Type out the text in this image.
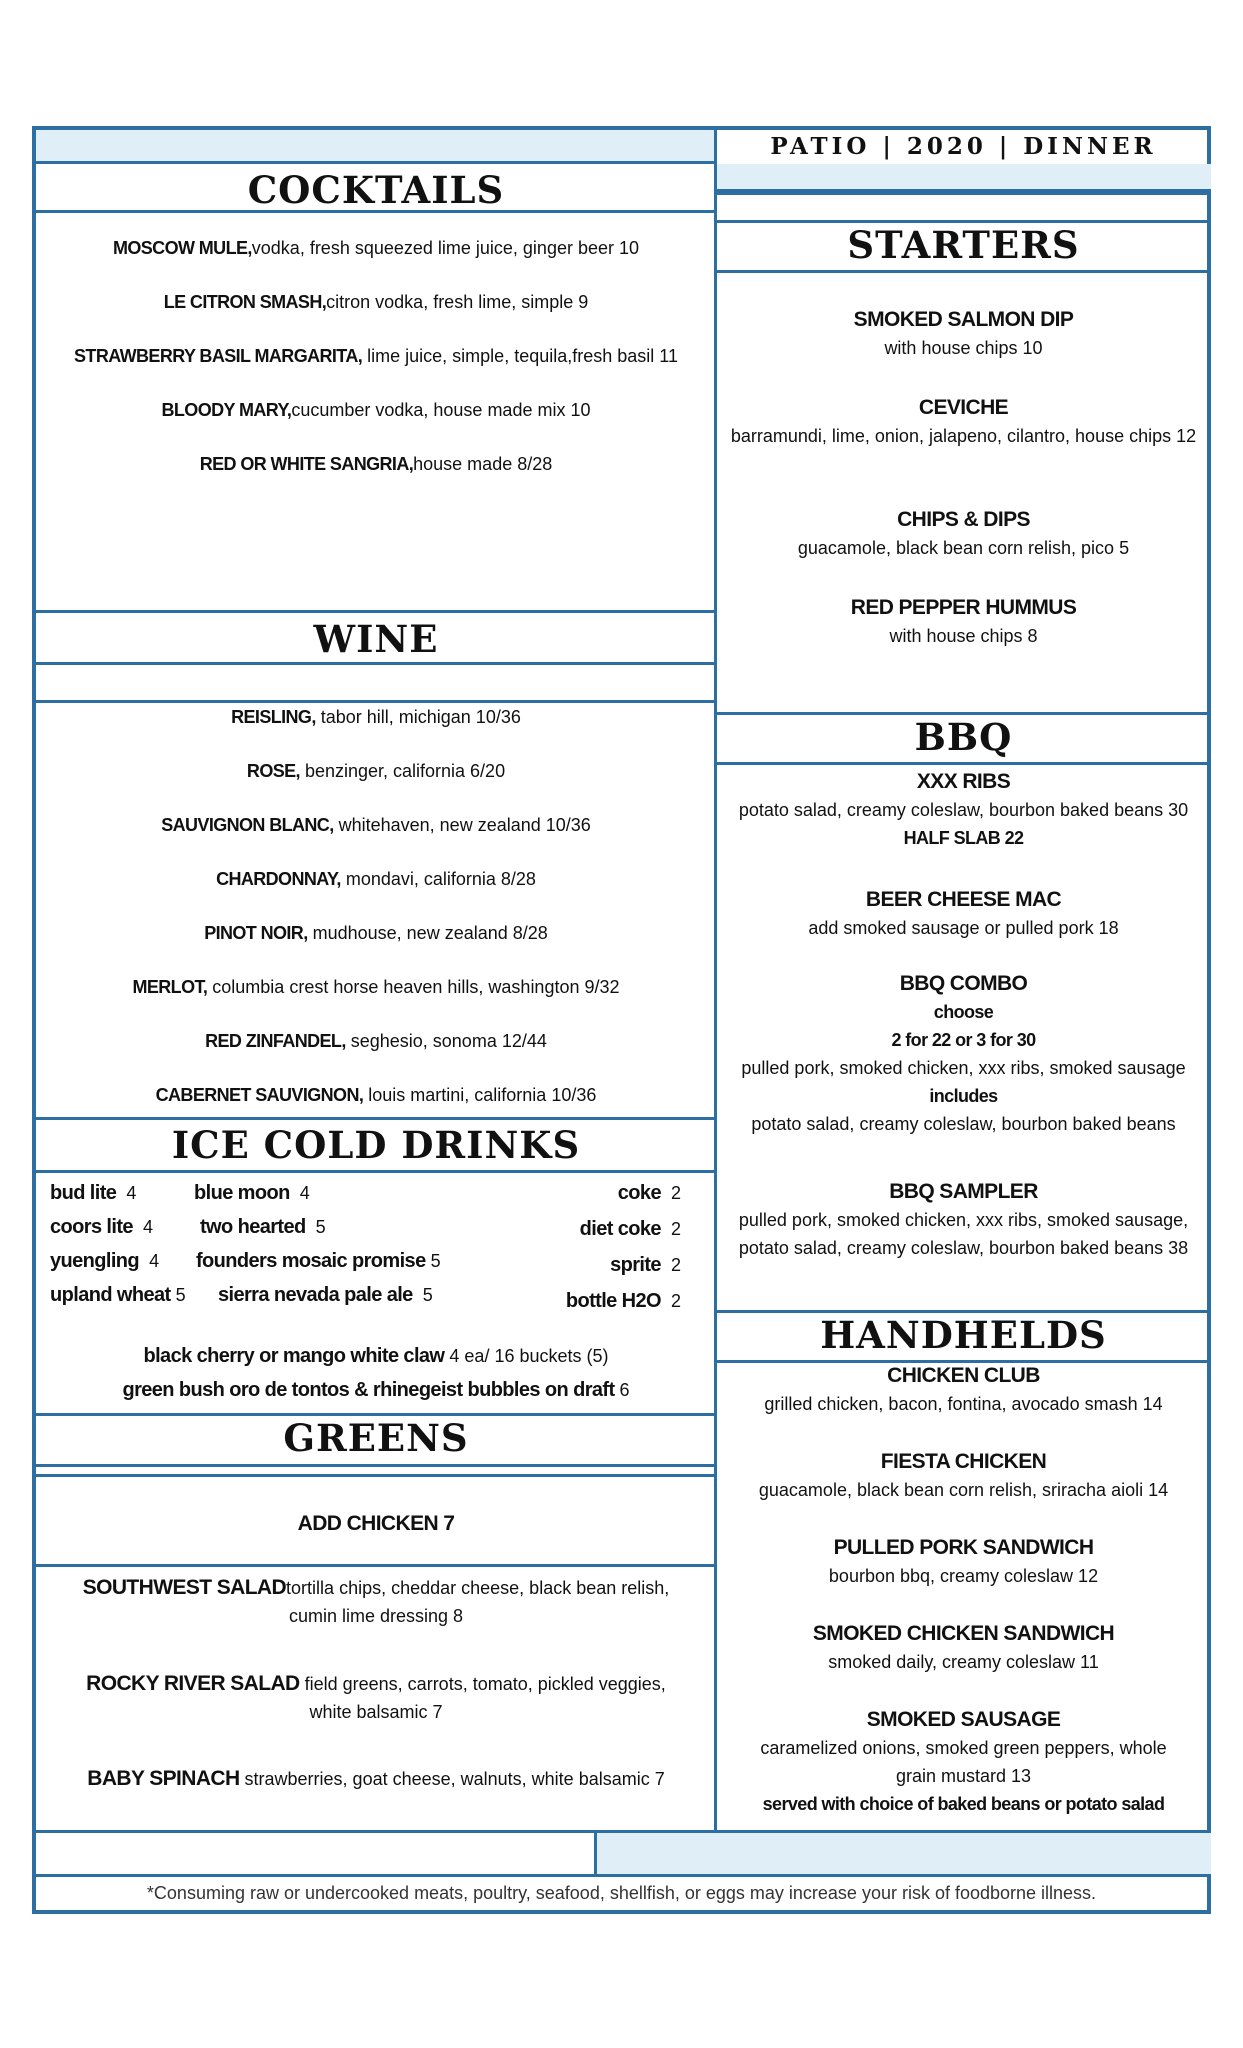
PATIO | 2020 | DINNER
COCKTAILS
MOSCOW MULE,vodka, fresh squeezed lime juice, ginger beer 10
LE CITRON SMASH,citron vodka, fresh lime, simple 9
STRAWBERRY BASIL MARGARITA, lime juice, simple, tequila,fresh basil 11
BLOODY MARY,cucumber vodka, house made mix 10
RED OR WHITE SANGRIA,house made 8/28
WINE
REISLING, tabor hill, michigan 10/36
ROSE, benzinger, california 6/20
SAUVIGNON BLANC, whitehaven, new zealand 10/36
CHARDONNAY, mondavi, california 8/28
PINOT NOIR, mudhouse, new zealand 8/28
MERLOT, columbia crest horse heaven hills, washington 9/32
RED ZINFANDEL, seghesio, sonoma 12/44
CABERNET SAUVIGNON, louis martini, california 10/36
ICE COLD DRINKS
bud lite 4
coors lite 4
yuengling 4
upland wheat 5
blue moon 4
two hearted 5
founders mosaic promise 5
sierra nevada pale ale 5
coke 2
diet coke 2
sprite 2
bottle H2O 2
black cherry or mango white claw 4 ea/ 16 buckets (5)
green bush oro de tontos & rhinegeist bubbles on draft 6
GREENS
ADD CHICKEN 7
SOUTHWEST SALADtortilla chips, cheddar cheese, black bean relish,
cumin lime dressing 8
ROCKY RIVER SALAD field greens, carrots, tomato, pickled veggies,
white balsamic 7
BABY SPINACH strawberries, goat cheese, walnuts, white balsamic 7
STARTERS
SMOKED SALMON DIP
with house chips 10
CEVICHE
barramundi, lime, onion, jalapeno, cilantro, house chips 12
CHIPS & DIPS
guacamole, black bean corn relish, pico 5
RED PEPPER HUMMUS
with house chips 8
BBQ
XXX RIBS
potato salad, creamy coleslaw, bourbon baked beans 30
HALF SLAB 22
BEER CHEESE MAC
add smoked sausage or pulled pork 18
BBQ COMBO
choose
2 for 22 or 3 for 30
pulled pork, smoked chicken, xxx ribs, smoked sausage
includes
potato salad, creamy coleslaw, bourbon baked beans
BBQ SAMPLER
pulled pork, smoked chicken, xxx ribs, smoked sausage,
potato salad, creamy coleslaw, bourbon baked beans 38
HANDHELDS
CHICKEN CLUB
grilled chicken, bacon, fontina, avocado smash 14
FIESTA CHICKEN
guacamole, black bean corn relish, sriracha aioli 14
PULLED PORK SANDWICH
bourbon bbq, creamy coleslaw 12
SMOKED CHICKEN SANDWICH
smoked daily, creamy coleslaw 11
SMOKED SAUSAGE
caramelized onions, smoked green peppers, whole
grain mustard 13
served with choice of baked beans or potato salad
*Consuming raw or undercooked meats, poultry, seafood, shellfish, or eggs may increase your risk of foodborne illness.
